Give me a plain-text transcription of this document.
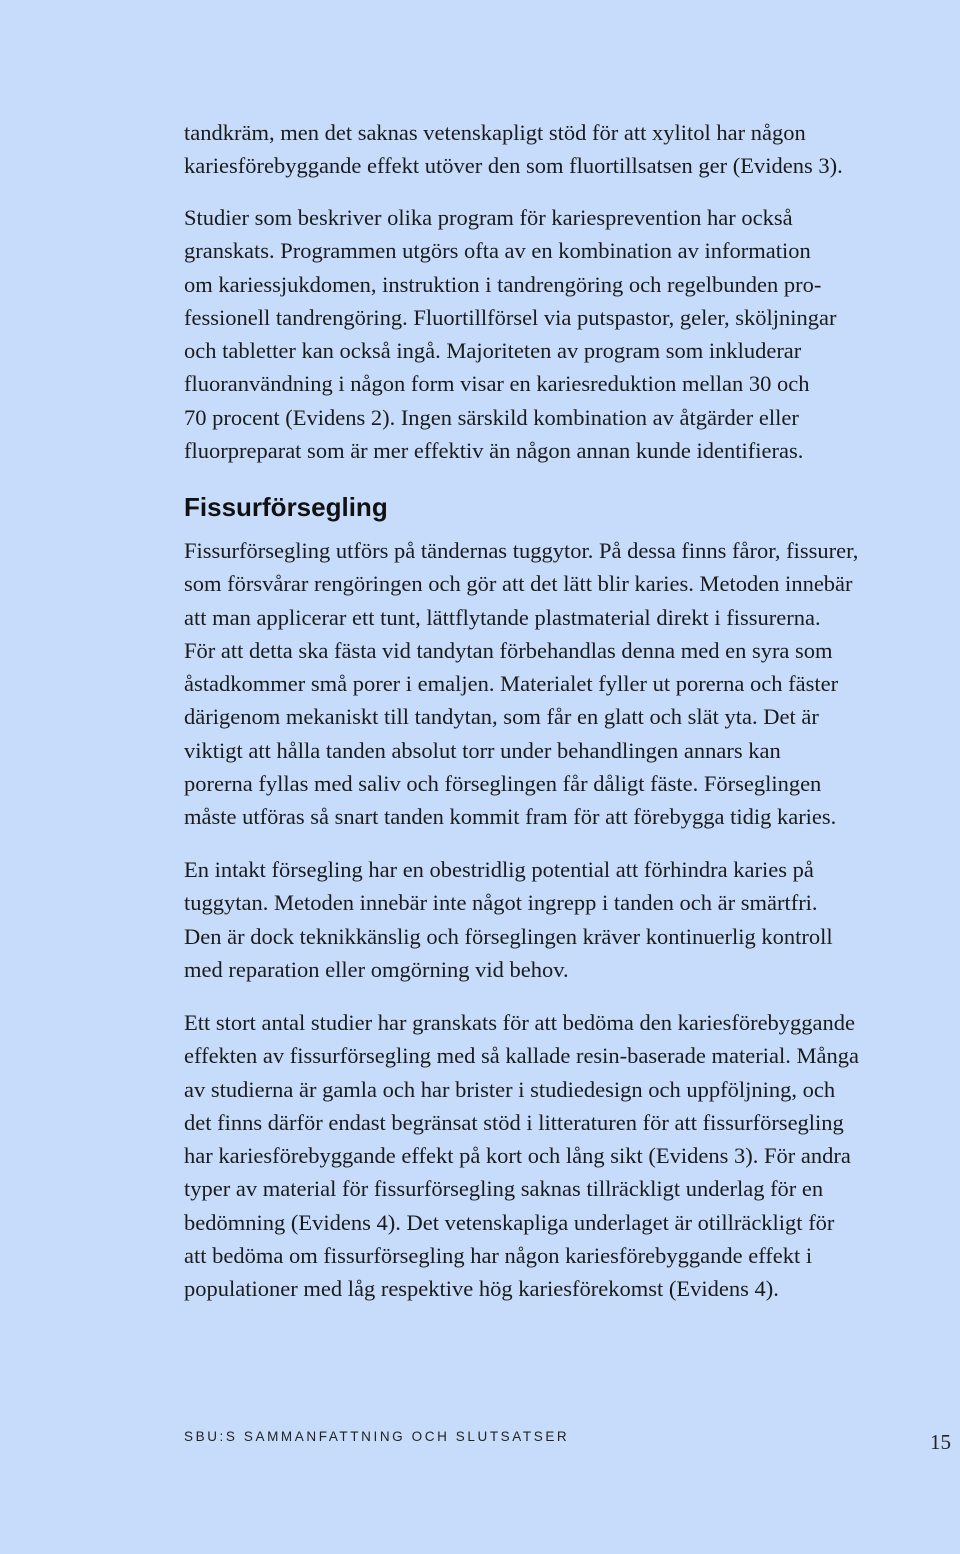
tandkräm, men det saknas vetenskapligt stöd för att xylitol har någon
kariesförebyggande effekt utöver den som fluortillsatsen ger (Evidens 3).

Studier som beskriver olika program för kariesprevention har också
granskats. Programmen utgörs ofta av en kombination av information
om kariessjukdomen, instruktion i tandrengöring och regelbunden pro-
fessionell tandrengöring. Fluortillförsel via putspastor, geler, sköljningar
och tabletter kan också ingå. Majoriteten av program som inkluderar
fluoranvändning i någon form visar en kariesreduktion mellan 30 och
70 procent (Evidens 2). Ingen särskild kombination av åtgärder eller
fluorpreparat som är mer effektiv än någon annan kunde identifieras.

Fissurförsegling

Fissurförsegling utförs på tändernas tuggytor. På dessa finns fåror, fissurer,
som försvårar rengöringen och gör att det lätt blir karies. Metoden innebär
att man applicerar ett tunt, lättflytande plastmaterial direkt i fissurerna.
För att detta ska fästa vid tandytan förbehandlas denna med en syra som
åstadkommer små porer i emaljen. Materialet fyller ut porerna och fäster
därigenom mekaniskt till tandytan, som får en glatt och slät yta. Det är
viktigt att hålla tanden absolut torr under behandlingen annars kan
porerna fyllas med saliv och förseglingen får dåligt fäste. Förseglingen
måste utföras så snart tanden kommit fram för att förebygga tidig karies.

En intakt försegling har en obestridlig potential att förhindra karies på
tuggytan. Metoden innebär inte något ingrepp i tanden och är smärtfri.
Den är dock teknikkänslig och förseglingen kräver kontinuerlig kontroll
med reparation eller omgörning vid behov.

Ett stort antal studier har granskats för att bedöma den kariesförebyggande
effekten av fissurförsegling med så kallade resin-baserade material. Många
av studierna är gamla och har brister i studiedesign och uppföljning, och
det finns därför endast begränsat stöd i litteraturen för att fissurförsegling
har kariesförebyggande effekt på kort och lång sikt (Evidens 3). För andra
typer av material för fissurförsegling saknas tillräckligt underlag för en
bedömning (Evidens 4). Det vetenskapliga underlaget är otillräckligt för
att bedöma om fissurförsegling har någon kariesförebyggande effekt i
populationer med låg respektive hög kariesförekomst (Evidens 4).

SBU:S SAMMANFATTNING OCH SLUTSATSER	15
